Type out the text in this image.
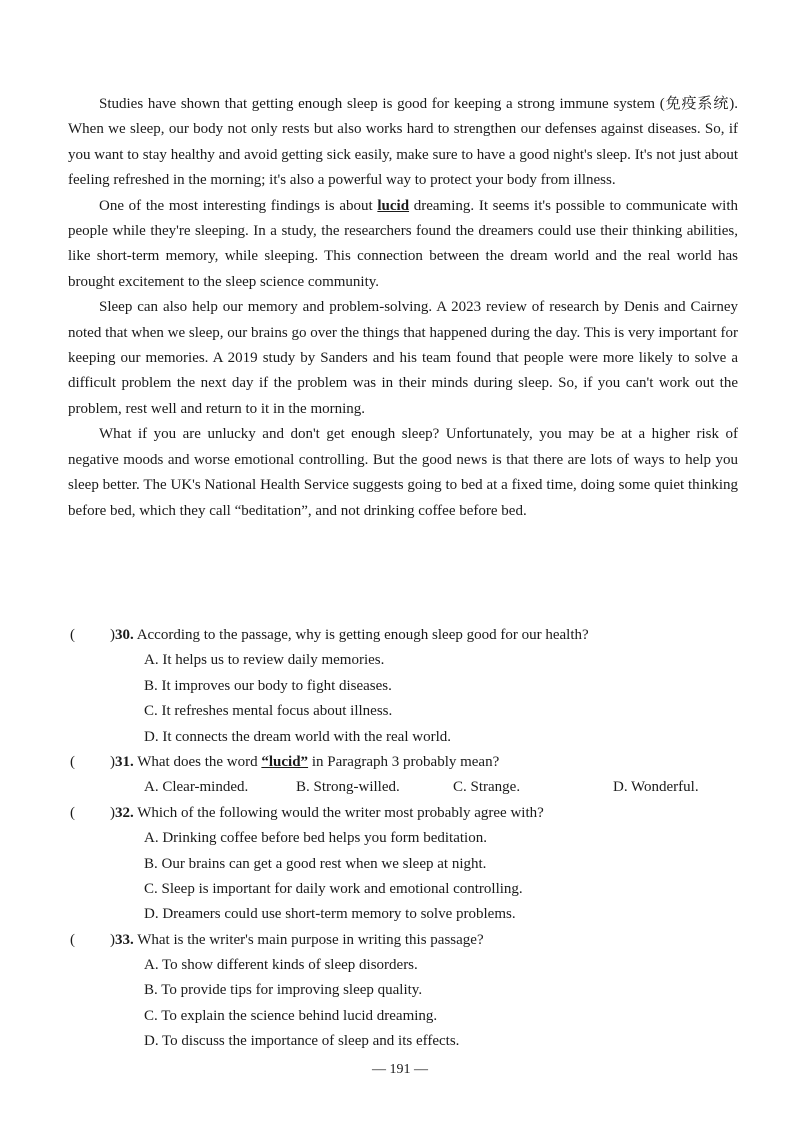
Studies have shown that getting enough sleep is good for keeping a strong immune system (免疫系统). When we sleep, our body not only rests but also works hard to strengthen our defenses against diseases. So, if you want to stay healthy and avoid getting sick easily, make sure to have a good night's sleep. It's not just about feeling refreshed in the morning; it's also a powerful way to protect your body from illness.

One of the most interesting findings is about lucid dreaming. It seems it's possible to communicate with people while they're sleeping. In a study, the researchers found the dreamers could use their thinking abilities, like short-term memory, while sleeping. This connection between the dream world and the real world has brought excitement to the sleep science community.

Sleep can also help our memory and problem-solving. A 2023 review of research by Denis and Cairney noted that when we sleep, our brains go over the things that happened during the day. This is very important for keeping our memories. A 2019 study by Sanders and his team found that people were more likely to solve a difficult problem the next day if the problem was in their minds during sleep. So, if you can't work out the problem, rest well and return to it in the morning.

What if you are unlucky and don't get enough sleep? Unfortunately, you may be at a higher risk of negative moods and worse emotional controlling. But the good news is that there are lots of ways to help you sleep better. The UK's National Health Service suggests going to bed at a fixed time, doing some quiet thinking before bed, which they call “beditation”, and not drinking coffee before bed.

( )30. According to the passage, why is getting enough sleep good for our health?
A. It helps us to review daily memories.
B. It improves our body to fight diseases.
C. It refreshes mental focus about illness.
D. It connects the dream world with the real world.
( )31. What does the word “lucid” in Paragraph 3 probably mean?
A. Clear-minded.	B. Strong-willed.	C. Strange.	D. Wonderful.
( )32. Which of the following would the writer most probably agree with?
A. Drinking coffee before bed helps you form beditation.
B. Our brains can get a good rest when we sleep at night.
C. Sleep is important for daily work and emotional controlling.
D. Dreamers could use short-term memory to solve problems.
( )33. What is the writer's main purpose in writing this passage?
A. To show different kinds of sleep disorders.
B. To provide tips for improving sleep quality.
C. To explain the science behind lucid dreaming.
D. To discuss the importance of sleep and its effects.
— 191 —
